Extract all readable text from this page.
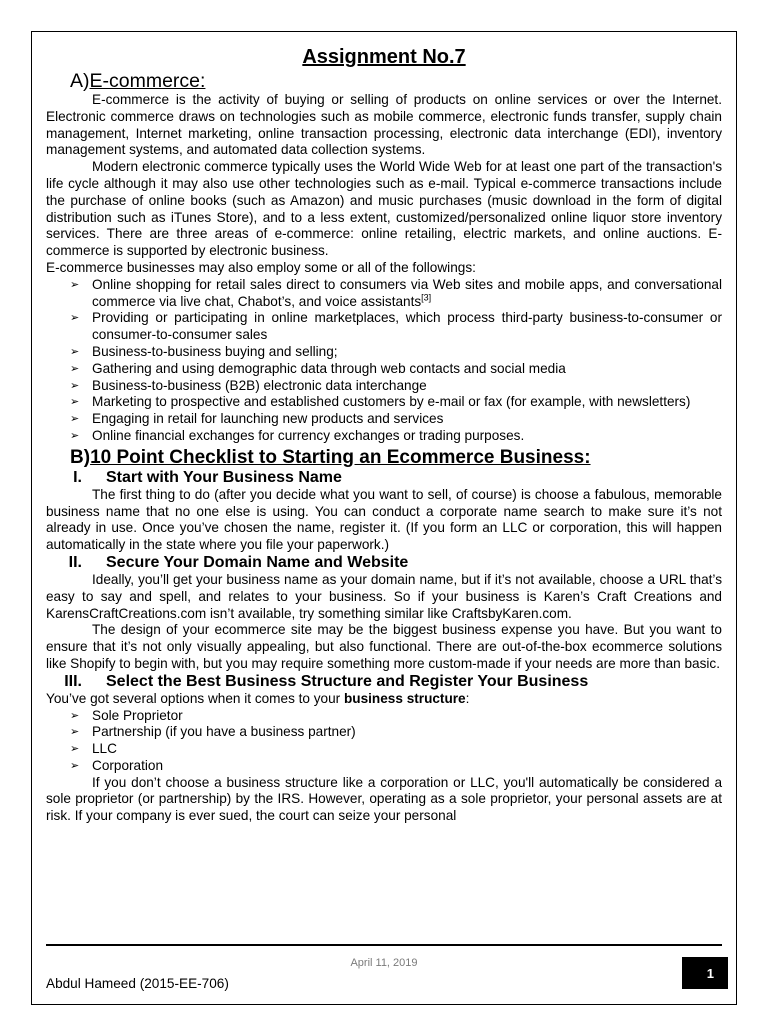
Assignment No.7
A)E-commerce:

E-commerce is the activity of buying or selling of products on online services or over the Internet. Electronic commerce draws on technologies such as mobile commerce, electronic funds transfer, supply chain management, Internet marketing, online transaction processing, electronic data interchange (EDI), inventory management systems, and automated data collection systems.

Modern electronic commerce typically uses the World Wide Web for at least one part of the transaction's life cycle although it may also use other technologies such as e-mail. Typical e-commerce transactions include the purchase of online books (such as Amazon) and music purchases (music download in the form of digital distribution such as iTunes Store), and to a less extent, customized/personalized online liquor store inventory services. There are three areas of e-commerce: online retailing, electric markets, and online auctions. E-commerce is supported by electronic business.

E-commerce businesses may also employ some or all of the followings:

➢ Online shopping for retail sales direct to consumers via Web sites and mobile apps, and conversational commerce via live chat, Chabot’s, and voice assistants[3]
➢ Providing or participating in online marketplaces, which process third-party business-to-consumer or consumer-to-consumer sales
➢ Business-to-business buying and selling;
➢ Gathering and using demographic data through web contacts and social media
➢ Business-to-business (B2B) electronic data interchange
➢ Marketing to prospective and established customers by e-mail or fax (for example, with newsletters)
➢ Engaging in retail for launching new products and services
➢ Online financial exchanges for currency exchanges or trading purposes.
B)10 Point Checklist to Starting an Ecommerce Business:
I. Start with Your Business Name

The first thing to do (after you decide what you want to sell, of course) is choose a fabulous, memorable business name that no one else is using. You can conduct a corporate name search to make sure it’s not already in use. Once you’ve chosen the name, register it. (If you form an LLC or corporation, this will happen automatically in the state where you file your paperwork.)

II. Secure Your Domain Name and Website

Ideally, you’ll get your business name as your domain name, but if it’s not available, choose a URL that’s easy to say and spell, and relates to your business. So if your business is Karen’s Craft Creations and KarensCraftCreations.com isn’t available, try something similar like CraftsbyKaren.com.

The design of your ecommerce site may be the biggest business expense you have. But you want to ensure that it’s not only visually appealing, but also functional. There are out-of-the-box ecommerce solutions like Shopify to begin with, but you may require something more custom-made if your needs are more than basic.

III. Select the Best Business Structure and Register Your Business

You’ve got several options when it comes to your business structure:

➢ Sole Proprietor
➢ Partnership (if you have a business partner)
➢ LLC
➢ Corporation

If you don’t choose a business structure like a corporation or LLC, you'll automatically be considered a sole proprietor (or partnership) by the IRS. However, operating as a sole proprietor, your personal assets are at risk. If your company is ever sued, the court can seize your personal

April 11, 2019
Abdul Hameed (2015-EE-706)
1
